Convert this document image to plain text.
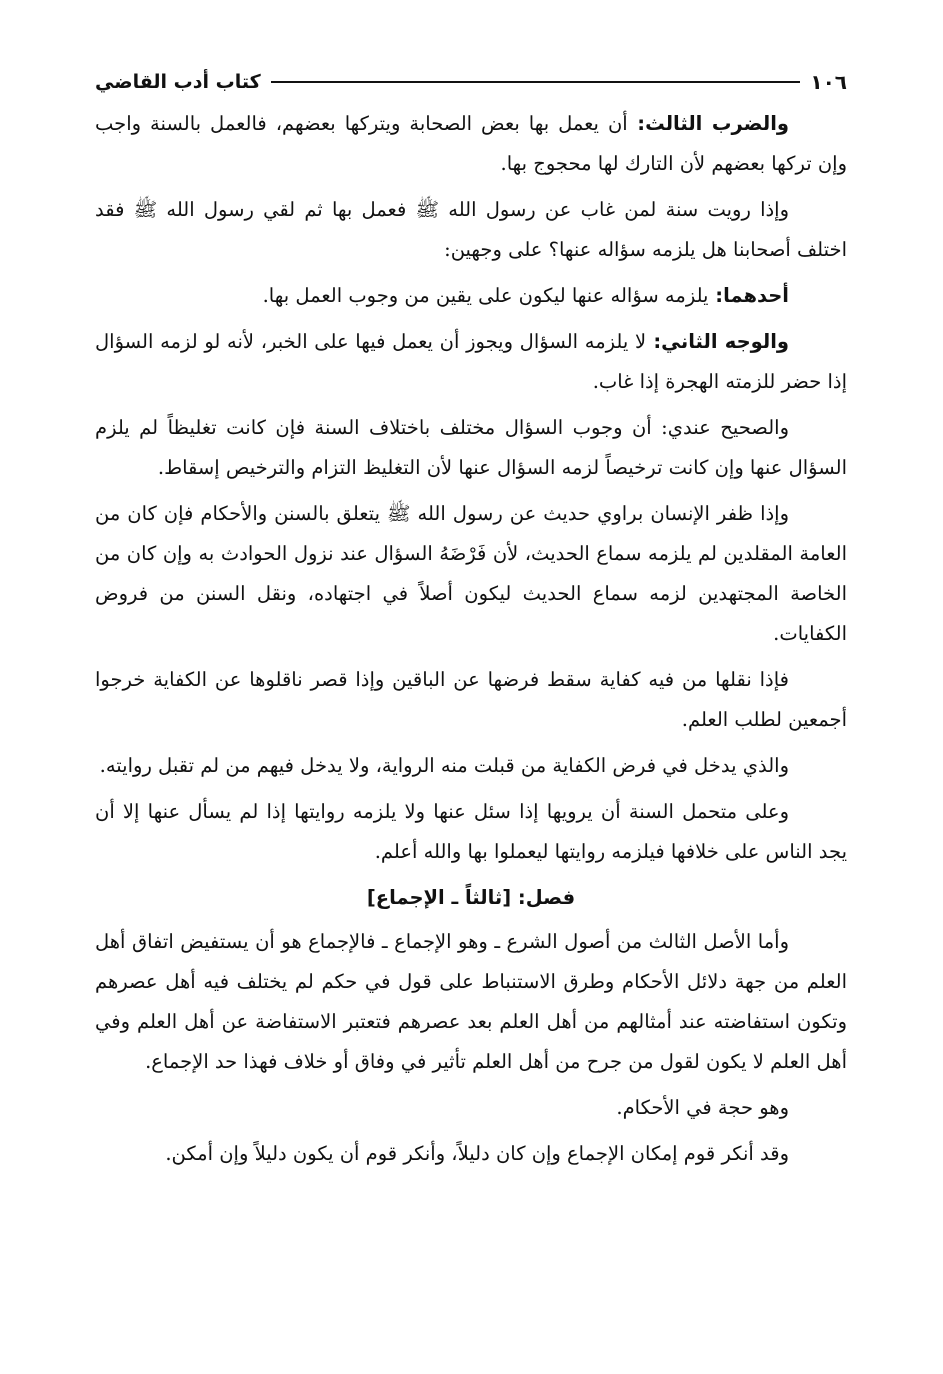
كتاب أدب القاضي	١٠٦

والضرب الثالث: أن يعمل بها بعض الصحابة ويتركها بعضهم، فالعمل بالسنة واجب وإن تركها بعضهم لأن التارك لها محجوج بها.

وإذا رويت سنة لمن غاب عن رسول الله ﷺ فعمل بها ثم لقي رسول الله ﷺ فقد اختلف أصحابنا هل يلزمه سؤاله عنها؟ على وجهين:

أحدهما: يلزمه سؤاله عنها ليكون على يقين من وجوب العمل بها.

والوجه الثاني: لا يلزمه السؤال ويجوز أن يعمل فيها على الخبر، لأنه لو لزمه السؤال إذا حضر للزمته الهجرة إذا غاب.

والصحيح عندي: أن وجوب السؤال مختلف باختلاف السنة فإن كانت تغليظاً لم يلزم السؤال عنها وإن كانت ترخيصاً لزمه السؤال عنها لأن التغليظ التزام والترخيص إسقاط.

وإذا ظفر الإنسان براوي حديث عن رسول الله ﷺ يتعلق بالسنن والأحكام فإن كان من العامة المقلدين لم يلزمه سماع الحديث، لأن فَرْضَهُ السؤال عند نزول الحوادث به وإن كان من الخاصة المجتهدين لزمه سماع الحديث ليكون أصلاً في اجتهاده، ونقل السنن من فروض الكفايات.

فإذا نقلها من فيه كفاية سقط فرضها عن الباقين وإذا قصر ناقلوها عن الكفاية خرجوا أجمعين لطلب العلم.

والذي يدخل في فرض الكفاية من قبلت منه الرواية، ولا يدخل فيهم من لم تقبل روايته.

وعلى متحمل السنة أن يرويها إذا سئل عنها ولا يلزمه روايتها إذا لم يسأل عنها إلا أن يجد الناس على خلافها فيلزمه روايتها ليعملوا بها والله أعلم.

فصل: [ثالثاً ـ الإجماع]

وأما الأصل الثالث من أصول الشرع ـ وهو الإجماع ـ فالإجماع هو أن يستفيض اتفاق أهل العلم من جهة دلائل الأحكام وطرق الاستنباط على قول في حكم لم يختلف فيه أهل عصرهم وتكون استفاضته عند أمثالهم من أهل العلم بعد عصرهم فتعتبر الاستفاضة عن أهل العلم وفي أهل العلم لا يكون لقول من جرح من أهل العلم تأثير في وفاق أو خلاف فهذا حد الإجماع.

وهو حجة في الأحكام.

وقد أنكر قوم إمكان الإجماع وإن كان دليلاً، وأنكر قوم أن يكون دليلاً وإن أمكن.
